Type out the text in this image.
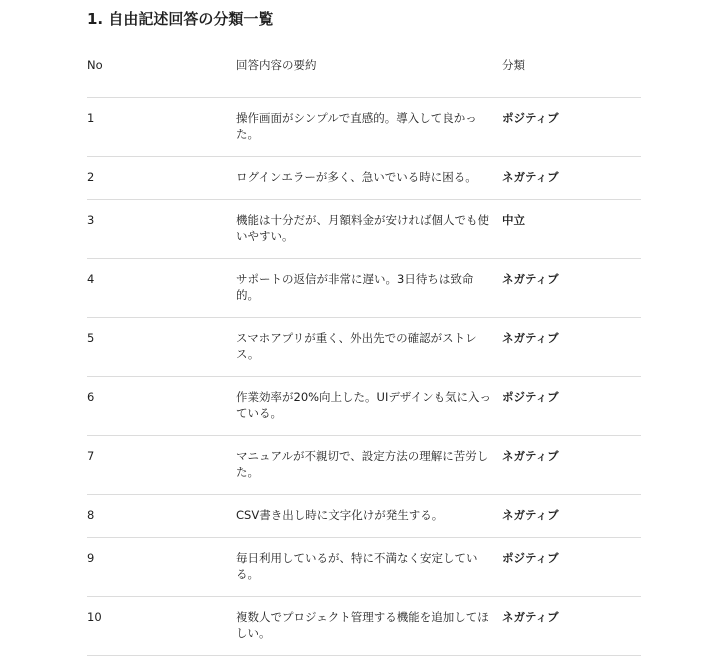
1. 自由記述回答の分類一覧
No	回答内容の要約	分類
1	操作画面がシンプルで直感的。導入して良かった。	ポジティブ
2	ログインエラーが多く、急いでいる時に困る。	ネガティブ
3	機能は十分だが、月額料金が安ければ個人でも使いやすい。	中立
4	サポートの返信が非常に遅い。3日待ちは致命的。	ネガティブ
5	スマホアプリが重く、外出先での確認がストレス。	ネガティブ
6	作業効率が20%向上した。UIデザインも気に入っている。	ポジティブ
7	マニュアルが不親切で、設定方法の理解に苦労した。	ネガティブ
8	CSV書き出し時に文字化けが発生する。	ネガティブ
9	毎日利用しているが、特に不満なく安定している。	ポジティブ
10	複数人でプロジェクト管理する機能を追加してほしい。	ネガティブ
